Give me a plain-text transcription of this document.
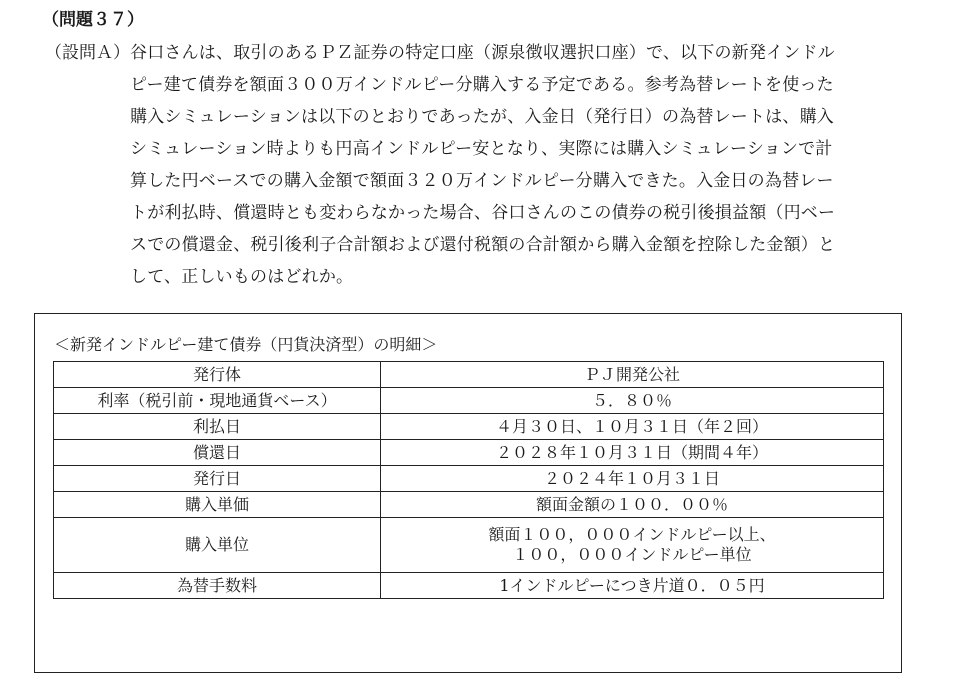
（問題３７）
（設問Ａ） 谷口さんは、取引のあるＰＺ証券の特定口座（源泉徴収選択口座）で、以下の新発インドル
ピー建て債券を額面３００万インドルピー分購入する予定である。参考為替レートを使った
購入シミュレーションは以下のとおりであったが、入金日（発行日）の為替レートは、購入
シミュレーション時よりも円高インドルピー安となり、実際には購入シミュレーションで計
算した円ベースでの購入金額で額面３２０万インドルピー分購入できた。入金日の為替レー
トが利払時、償還時とも変わらなかった場合、谷口さんのこの債券の税引後損益額（円ベー
スでの償還金、税引後利子合計額および還付税額の合計額から購入金額を控除した金額）と
して、正しいものはどれか。
＜新発インドルピー建て債券（円貨決済型）の明細＞
発行体	ＰＪ開発公社
利率（税引前・現地通貨ベース）	５．８０％
利払日	４月３０日、１０月３１日（年２回）
償還日	２０２８年１０月３１日（期間４年）
発行日	２０２４年１０月３１日
購入単価	額面金額の１００．００％
購入単位	額面１００，０００インドルピー以上、
１００，０００インドルピー単位

為替手数料	1インドルピーにつき片道０．０５円
